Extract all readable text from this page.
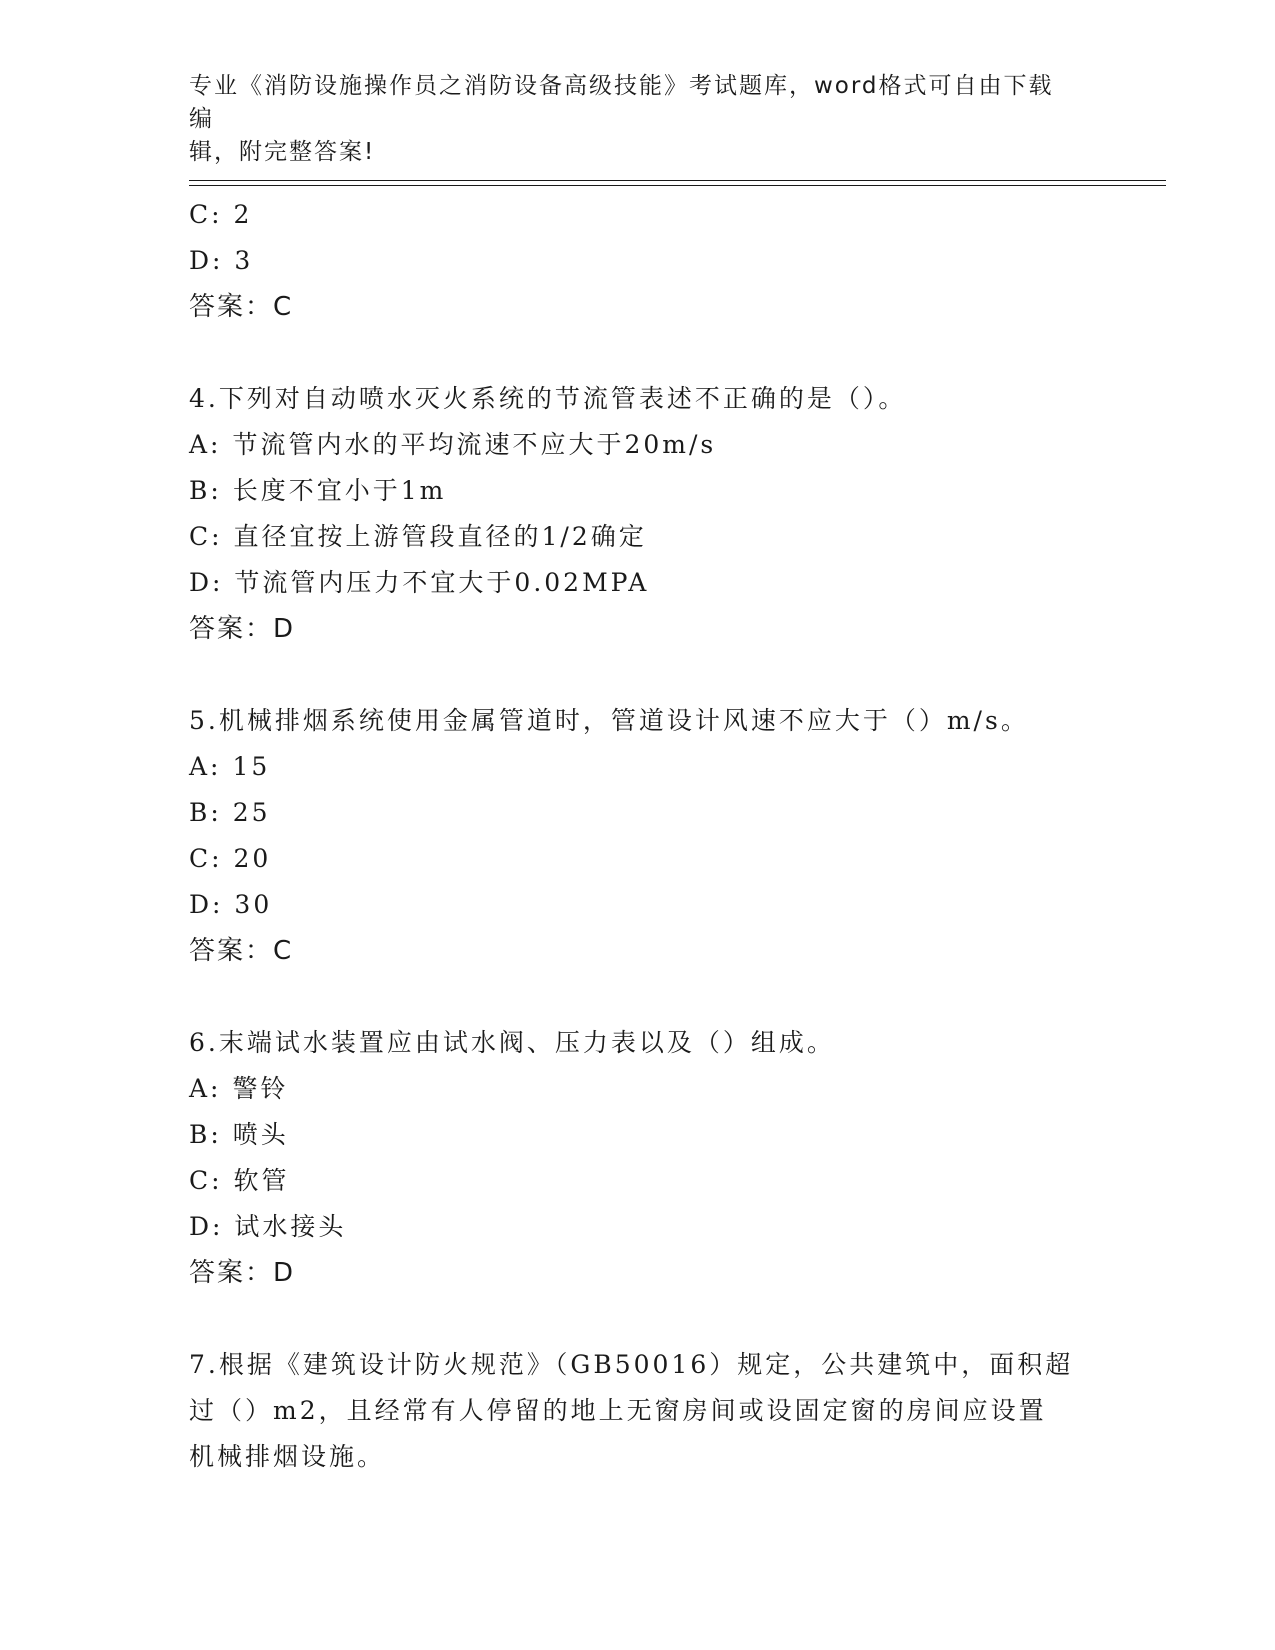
专业《消防设施操作员之消防设备高级技能》考试题库，word格式可自由下载编
辑，附完整答案!
C: 2
D: 3
答案：C
4.下列对自动喷水灭火系统的节流管表述不正确的是（）。
A: 节流管内水的平均流速不应大于20m/s
B: 长度不宜小于1m
C: 直径宜按上游管段直径的1/2确定
D: 节流管内压力不宜大于0.02MPA
答案：D
5.机械排烟系统使用金属管道时，管道设计风速不应大于（）m/s。
A: 15
B: 25
C: 20
D: 30
答案：C
6.末端试水装置应由试水阀、压力表以及（）组成。
A: 警铃
B: 喷头
C: 软管
D: 试水接头
答案：D
7.根据《建筑设计防火规范》（GB50016）规定，公共建筑中，面积超
过（）m2，且经常有人停留的地上无窗房间或设固定窗的房间应设置
机械排烟设施。
